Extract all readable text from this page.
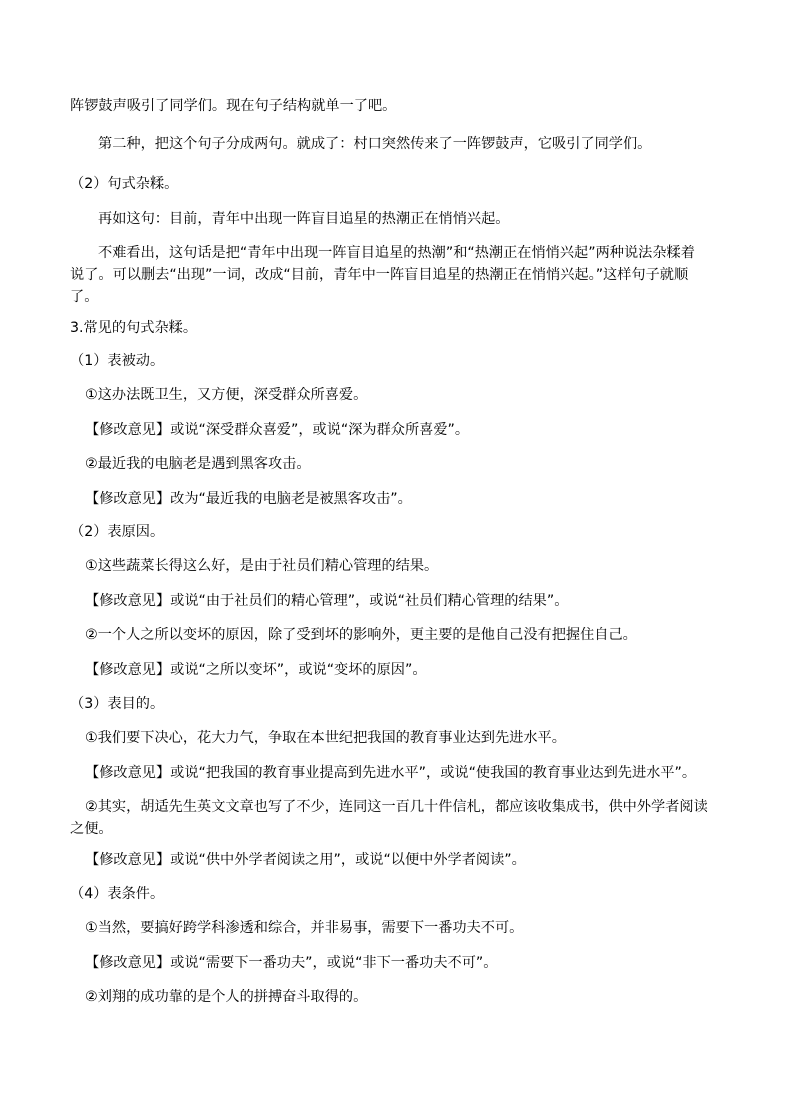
阵锣鼓声吸引了同学们。现在句子结构就单一了吧。
第二种，把这个句子分成两句。就成了：村口突然传来了一阵锣鼓声，它吸引了同学们。
（2）句式杂糅。
再如这句：目前，青年中出现一阵盲目追星的热潮正在悄悄兴起。
不难看出，这句话是把“青年中出现一阵盲目追星的热潮”和“热潮正在悄悄兴起”两种说法杂糅着说了。可以删去“出现”一词，改成“目前，青年中一阵盲目追星的热潮正在悄悄兴起。”这样句子就顺了。
3.常见的句式杂糅。
（1）表被动。
①这办法既卫生，又方便，深受群众所喜爱。
【修改意见】或说“深受群众喜爱”，或说“深为群众所喜爱”。
②最近我的电脑老是遇到黑客攻击。
【修改意见】改为“最近我的电脑老是被黑客攻击”。
（2）表原因。
①这些蔬菜长得这么好，是由于社员们精心管理的结果。
【修改意见】或说“由于社员们的精心管理”，或说“社员们精心管理的结果”。
②一个人之所以变坏的原因，除了受到坏的影响外，更主要的是他自己没有把握住自己。
【修改意见】或说“之所以变坏”，或说“变坏的原因”。
（3）表目的。
①我们要下决心，花大力气，争取在本世纪把我国的教育事业达到先进水平。
【修改意见】或说“把我国的教育事业提高到先进水平”，或说“使我国的教育事业达到先进水平”。
②其实，胡适先生英文文章也写了不少，连同这一百几十件信札，都应该收集成书，供中外学者阅读之便。
【修改意见】或说“供中外学者阅读之用”，或说“以便中外学者阅读”。
（4）表条件。
①当然，要搞好跨学科渗透和综合，并非易事，需要下一番功夫不可。
【修改意见】或说“需要下一番功夫”，或说“非下一番功夫不可”。
②刘翔的成功靠的是个人的拼搏奋斗取得的。
